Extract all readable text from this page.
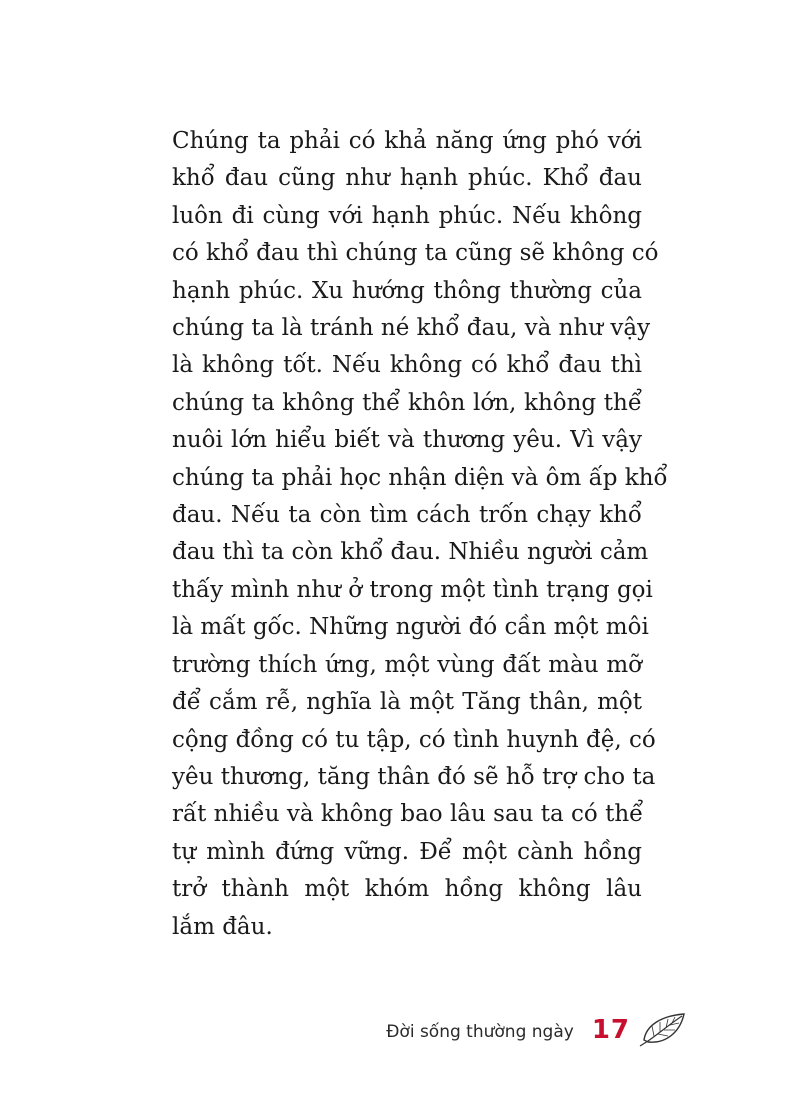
Chúng ta phải có khả năng ứng phó với
khổ đau cũng như hạnh phúc. Khổ đau
luôn đi cùng với hạnh phúc. Nếu không
có khổ đau thì chúng ta cũng sẽ không có
hạnh phúc. Xu hướng thông thường của
chúng ta là tránh né khổ đau, và như vậy
là không tốt. Nếu không có khổ đau thì
chúng ta không thể khôn lớn, không thể
nuôi lớn hiểu biết và thương yêu. Vì vậy
chúng ta phải học nhận diện và ôm ấp khổ
đau. Nếu ta còn tìm cách trốn chạy khổ
đau thì ta còn khổ đau. Nhiều người cảm
thấy mình như ở trong một tình trạng gọi
là mất gốc. Những người đó cần một môi
trường thích ứng, một vùng đất màu mỡ
để cắm rễ, nghĩa là một Tăng thân, một
cộng đồng có tu tập, có tình huynh đệ, có
yêu thương, tăng thân đó sẽ hỗ trợ cho ta
rất nhiều và không bao lâu sau ta có thể
tự mình đứng vững. Để một cành hồng
trở thành một khóm hồng không lâu
lắm đâu.
Đời sống thường ngày 17
